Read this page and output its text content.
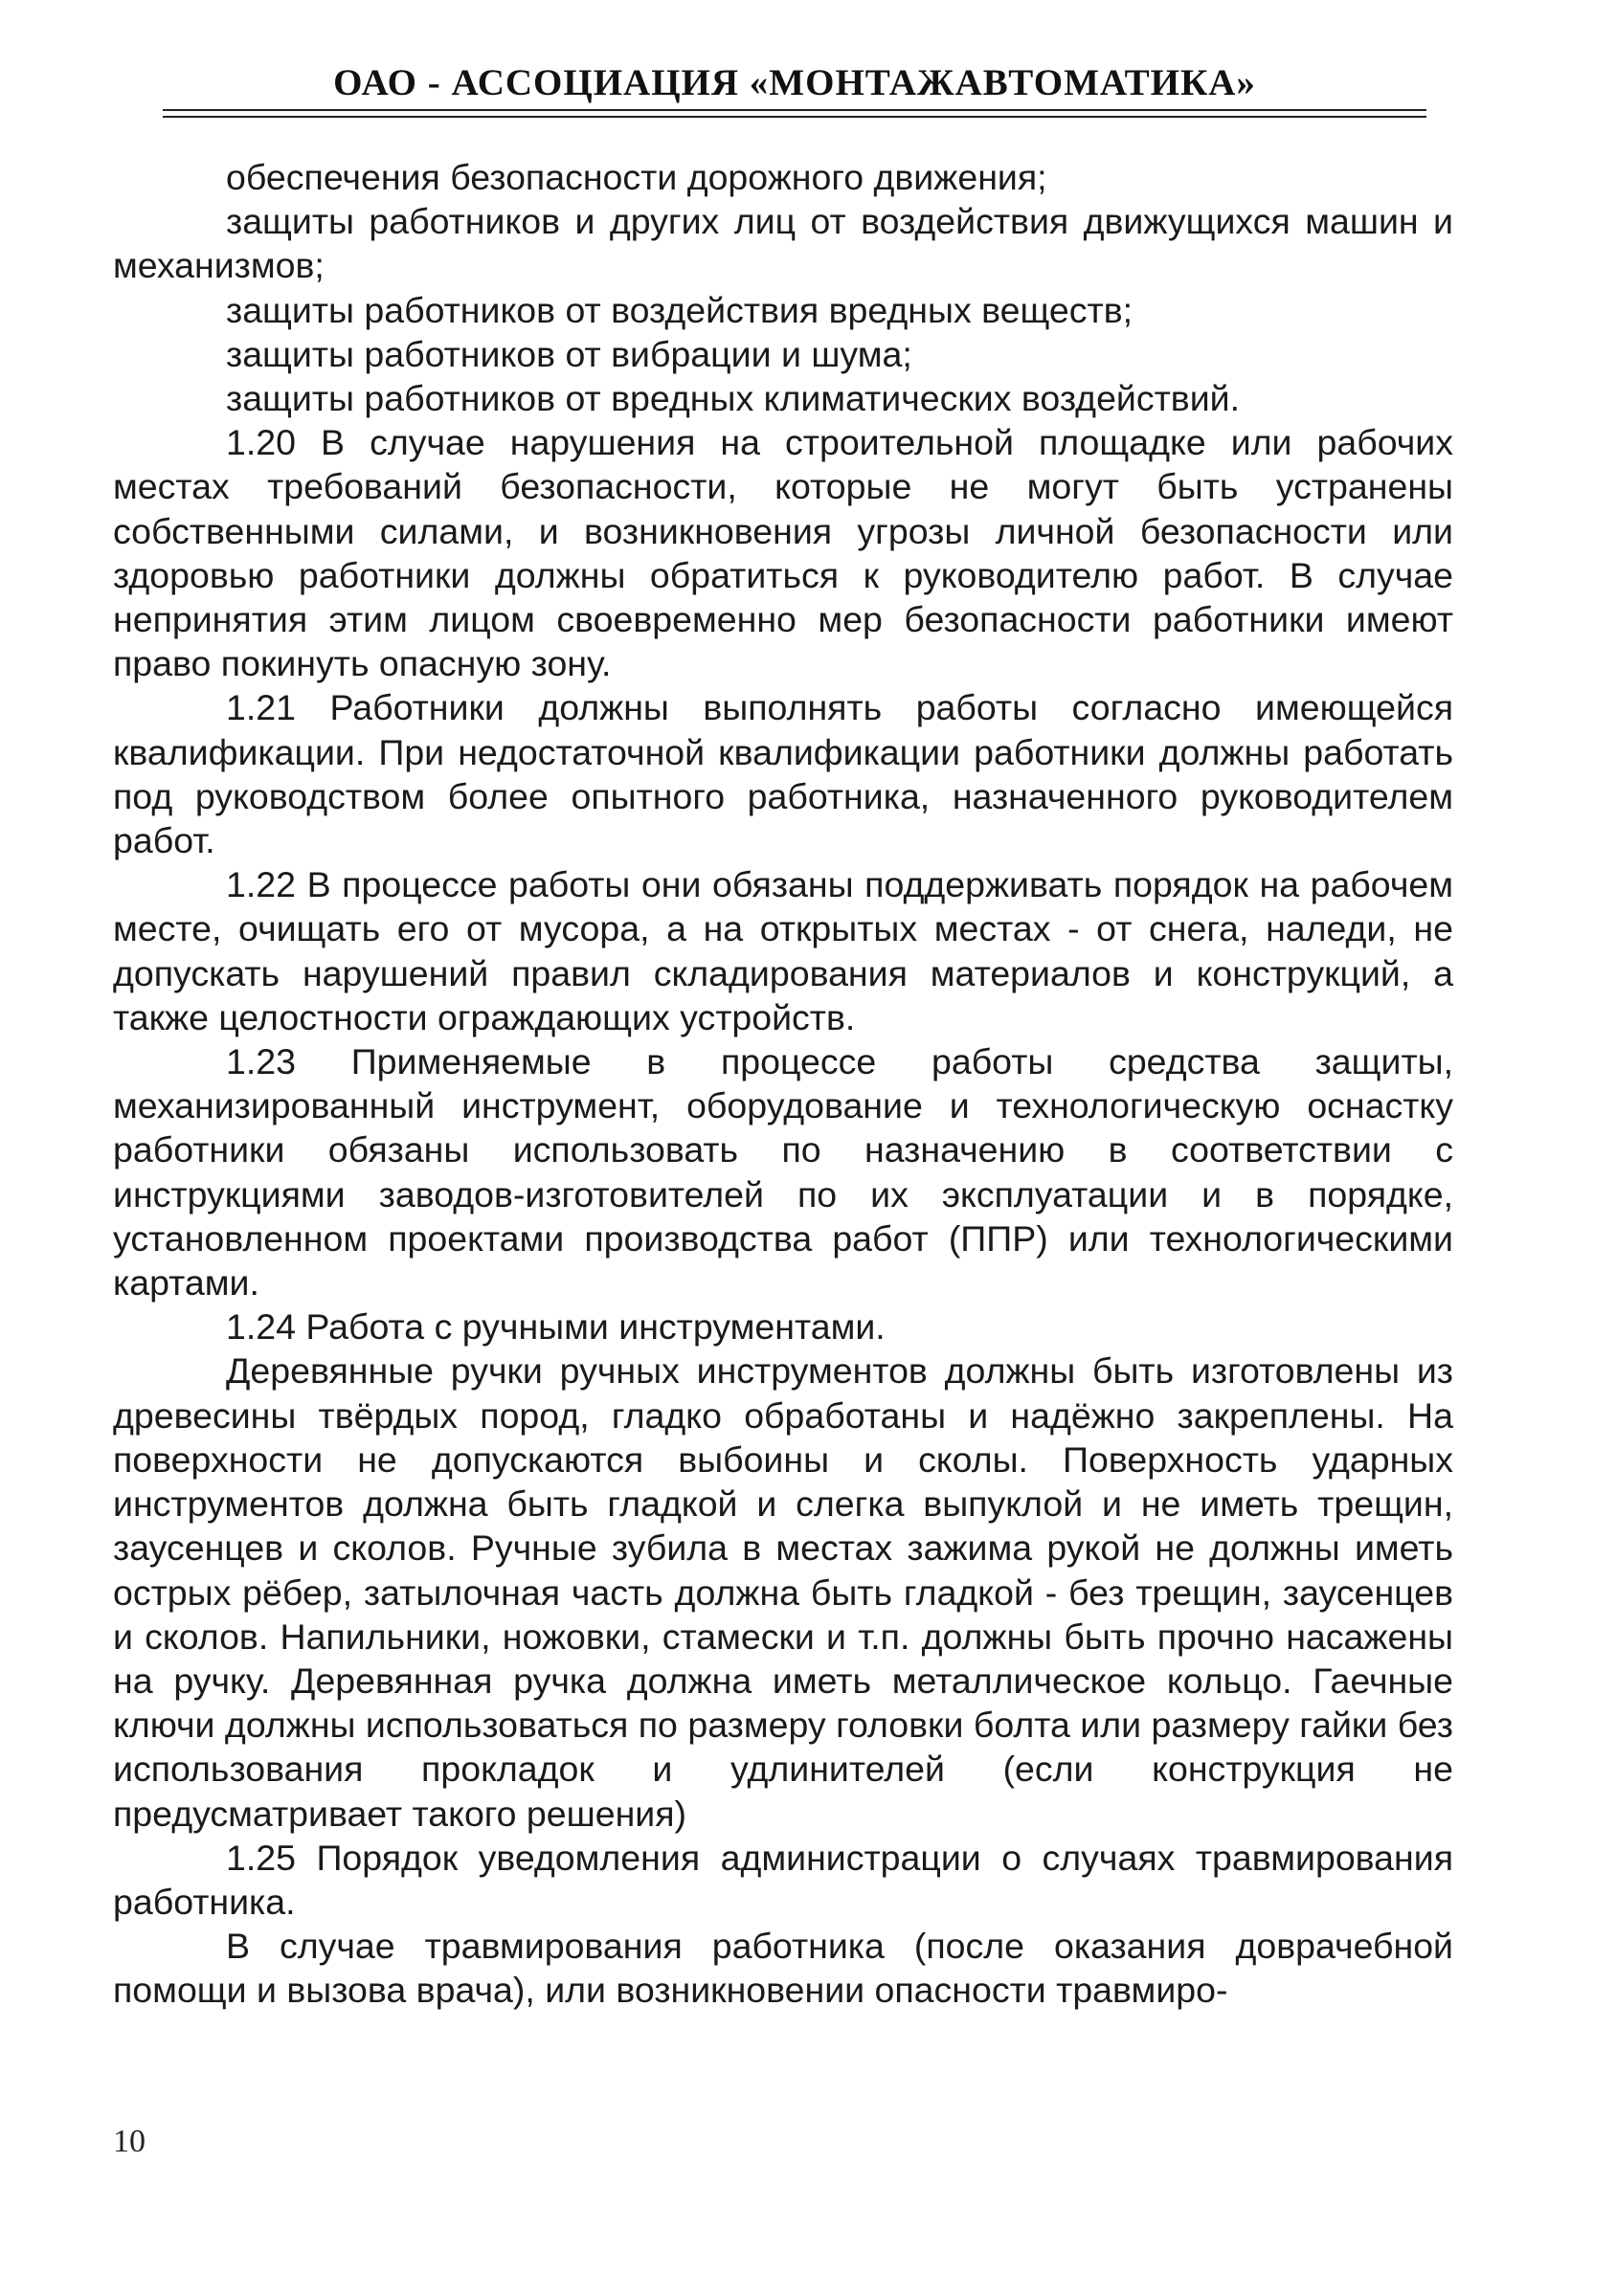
ОАО - АССОЦИАЦИЯ «МОНТАЖАВТОМАТИКА»

обеспечения безопасности дорожного движения;

защиты работников и других лиц от воздействия движущихся машин и механизмов;

защиты работников от воздействия вредных веществ;

защиты работников от вибрации и шума;

защиты работников от вредных климатических воздействий.

1.20 В случае нарушения на строительной площадке или рабочих местах требований безопасности, которые не могут быть устранены собственными силами, и возникновения угрозы личной безопасности или здоровью работники должны обратиться к руководителю работ. В случае непринятия этим лицом своевременно мер безопасности работники имеют право покинуть опасную зону.

1.21 Работники должны выполнять работы согласно имеющейся квалификации. При недостаточной квалификации работники должны работать под руководством более опытного работника, назначенного руководителем работ.

1.22 В процессе работы они обязаны поддерживать порядок на рабочем месте, очищать его от мусора, а на открытых местах - от снега, наледи, не допускать нарушений правил складирования материалов и конструкций, а также целостности ограждающих устройств.

1.23 Применяемые в процессе работы средства защиты, механизированный инструмент, оборудование и технологическую оснастку работники обязаны использовать по назначению в соответствии с инструкциями заводов-изготовителей по их эксплуатации и в порядке, установленном проектами производства работ (ППР) или технологическими картами.

1.24 Работа с ручными инструментами.

Деревянные ручки ручных инструментов должны быть изготовлены из древесины твёрдых пород, гладко обработаны и надёжно закреплены. На поверхности не допускаются выбоины и сколы. Поверхность ударных инструментов должна быть гладкой и слегка выпуклой и не иметь трещин, заусенцев и сколов. Ручные зубила в местах зажима рукой не должны иметь острых рёбер, затылочная часть должна быть гладкой - без трещин, заусенцев и сколов. Напильники, ножовки, стамески и т.п. должны быть прочно насажены на ручку. Деревянная ручка должна иметь металлическое кольцо. Гаечные ключи должны использоваться по размеру головки болта или размеру гайки без использования прокладок и удлинителей (если конструкция не предусматривает такого решения)

1.25 Порядок уведомления администрации о случаях травмирования работника.

В случае травмирования работника (после оказания доврачебной помощи и вызова врача), или возникновении опасности травмиро-

10
